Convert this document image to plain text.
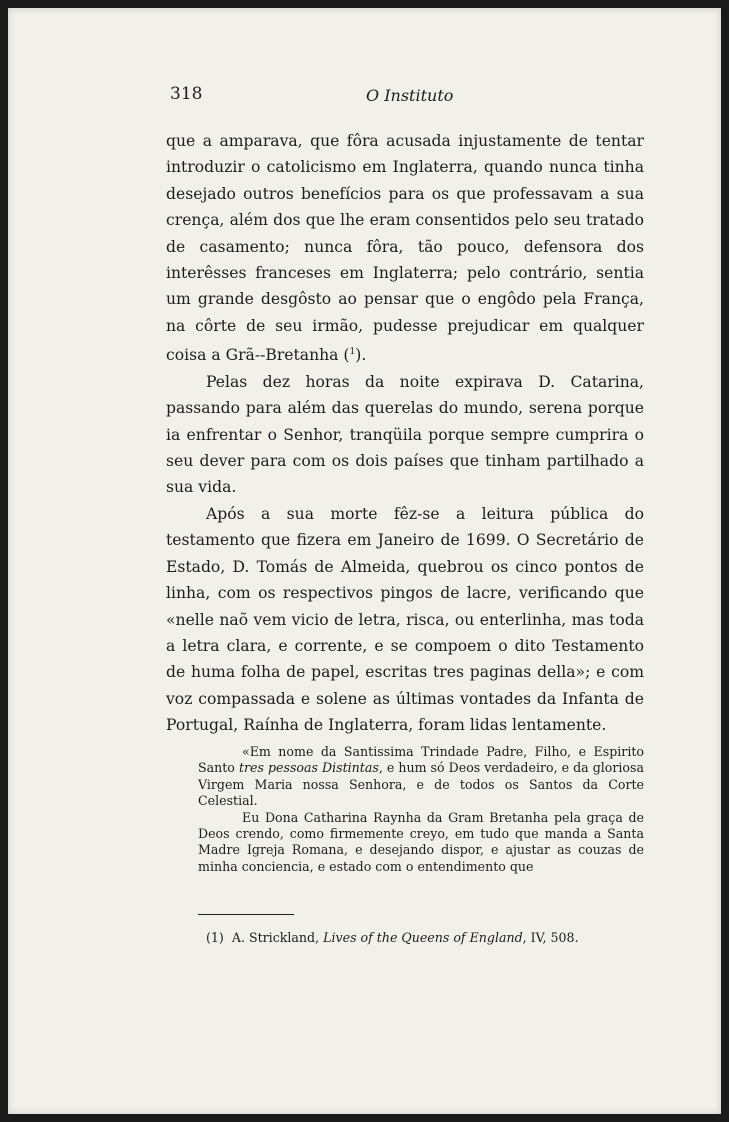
318	O Instituto

que a amparava, que fôra acusada injustamente de tentar introduzir o catolicismo em Inglaterra, quando nunca tinha desejado outros benefícios para os que professavam a sua crença, além dos que lhe eram consentidos pelo seu tratado de casamento; nunca fôra, tão pouco, defensora dos interêsses franceses em Inglaterra; pelo contrário, sentia um grande desgôsto ao pensar que o engôdo pela França, na côrte de seu irmão, pudesse prejudicar em qualquer coisa a Grã--Bretanha ($^1$).

Pelas dez horas da noite expirava D. Catarina, passando para além das querelas do mundo, serena porque ia enfrentar o Senhor, tranqüila porque sempre cumprira o seu dever para com os dois países que tinham partilhado a sua vida.

Após a sua morte fêz-se a leitura pública do testamento que fizera em Janeiro de 1699. O Secretário de Estado, D. Tomás de Almeida, quebrou os cinco pontos de linha, com os respectivos pingos de lacre, verificando que «nelle naõ vem vicio de letra, risca, ou enterlinha, mas toda a letra clara, e corrente, e se compoem o dito Testamento de huma folha de papel, escritas tres paginas della»; e com voz compassada e solene as últimas vontades da Infanta de Portugal, Raínha de Inglaterra, foram lidas lentamente.

«Em nome da Santissima Trindade Padre, Filho, e Espirito Santo tres pessoas Distintas, e hum só Deos verdadeiro, e da gloriosa Virgem Maria nossa Senhora, e de todos os Santos da Corte Celestial.

Eu Dona Catharina Raynha da Gram Bretanha pela graça de Deos crendo, como firmemente creyo, em tudo que manda a Santa Madre Igreja Romana, e desejando dispor, e ajustar as couzas de minha conciencia, e estado com o entendimento que

(1) A. Strickland, Lives of the Queens of England, IV, 508.
